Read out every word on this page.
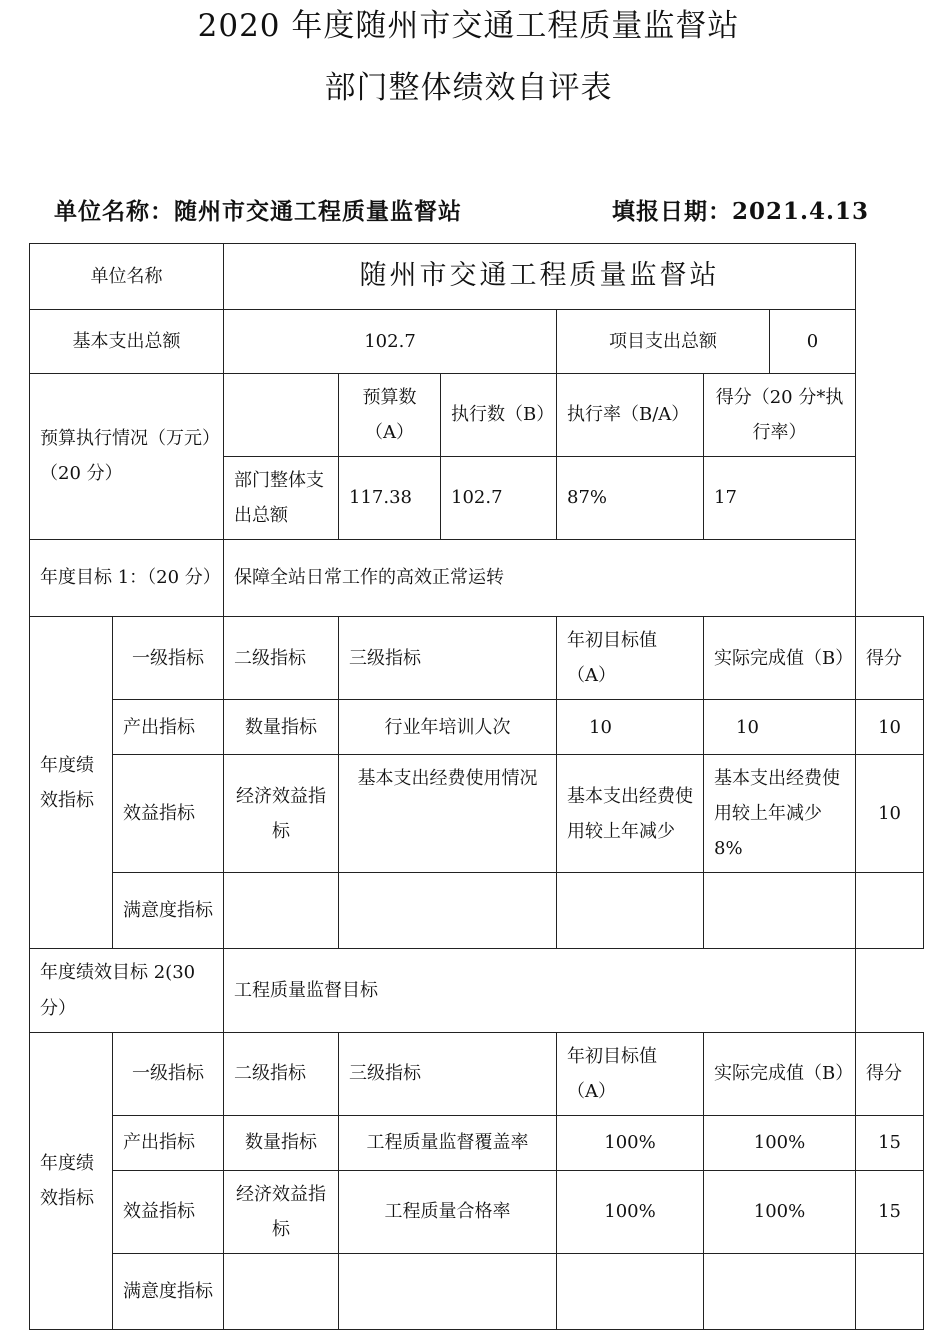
2020 年度随州市交通工程质量监督站
部门整体绩效自评表
单位名称：随州市交通工程质量监督站	填报日期：2021.4.13
单位名称		随州市交通工程质量监督站						
基本支出总额		102.7			项目支出总额		0	
预算执行情况（万元）（20 分）			预算数（A）	执行数（B）	执行率（B/A）	得分（20 分*执行率）		
		部门整体支出总额	117.38	102.7	87%	17		
年度目标 1：（20 分）		保障全站日常工作的高效正常运转						
年度绩效指标	一级指标	二级指标	三级指标		年初目标值（A）	实际完成值（B）		得分
	产出指标	数量指标	行业年培训人次		10	10		10
	效益指标	经济效益指标	基本支出经费使用情况		基本支出经费使用较上年减少	基本支出经费使用较上年减少 8%		10
	满意度指标							
年度绩效目标 2(30 分）		工程质量监督目标						
年度绩效指标	一级指标	二级指标	三级指标		年初目标值（A）	实际完成值（B）		得分
	产出指标	数量指标	工程质量监督覆盖率		100%	100%		15
	效益指标	经济效益指标	工程质量合格率		100%	100%		15
	满意度指标							
